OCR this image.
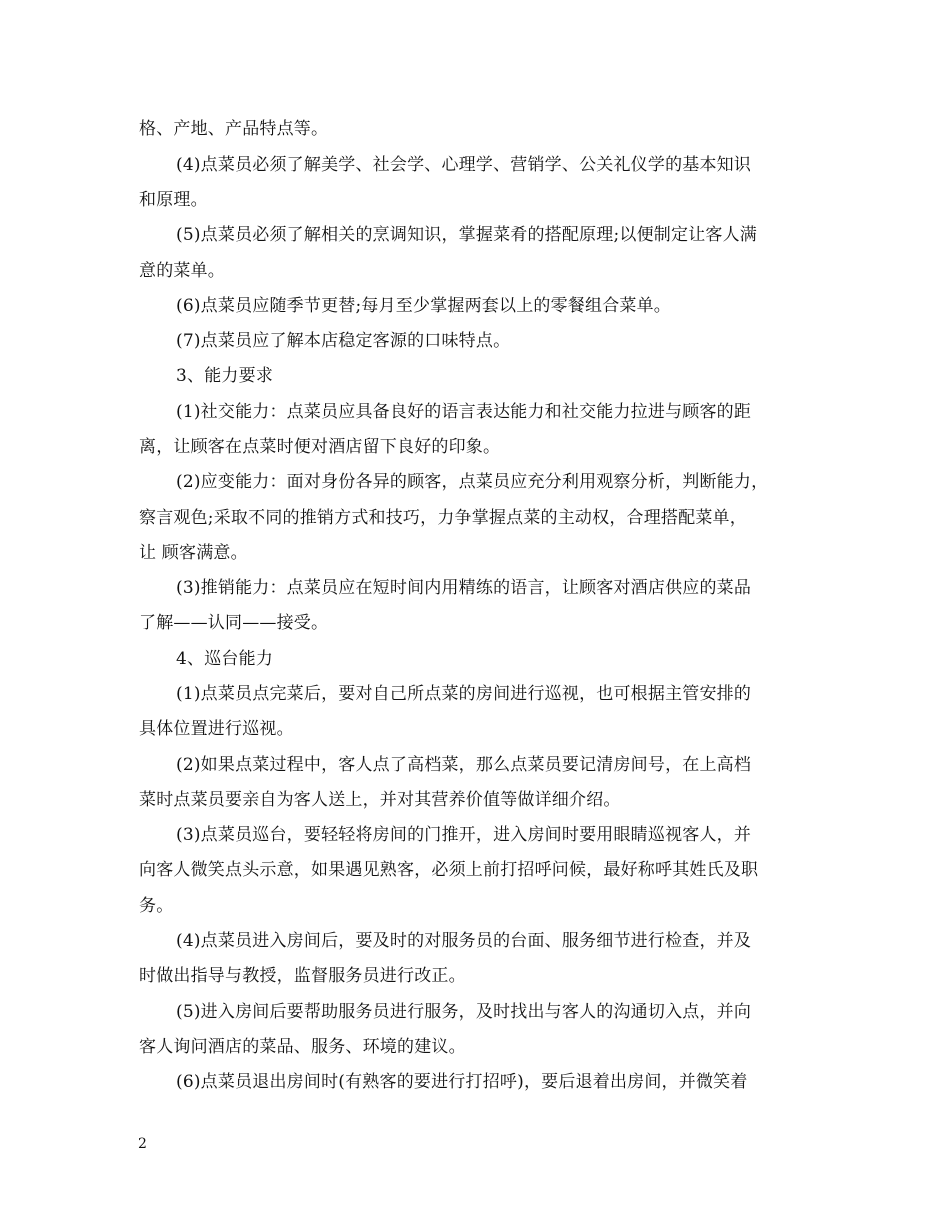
格、产地、产品特点等。
(4)点菜员必须了解美学、社会学、心理学、营销学、公关礼仪学的基本知识
和原理。
(5)点菜员必须了解相关的烹调知识，掌握菜肴的搭配原理;以便制定让客人满
意的菜单。
(6)点菜员应随季节更替;每月至少掌握两套以上的零餐组合菜单。
(7)点菜员应了解本店稳定客源的口味特点。
3、能力要求
(1)社交能力：点菜员应具备良好的语言表达能力和社交能力拉进与顾客的距
离，让顾客在点菜时便对酒店留下良好的印象。
(2)应变能力：面对身份各异的顾客，点菜员应充分利用观察分析，判断能力，
察言观色;采取不同的推销方式和技巧，力争掌握点菜的主动权，合理搭配菜单，
让 顾客满意。
(3)推销能力：点菜员应在短时间内用精练的语言，让顾客对酒店供应的菜品
了解——认同——接受。
4、巡台能力
(1)点菜员点完菜后，要对自己所点菜的房间进行巡视，也可根据主管安排的
具体位置进行巡视。
(2)如果点菜过程中，客人点了高档菜，那么点菜员要记清房间号，在上高档
菜时点菜员要亲自为客人送上，并对其营养价值等做详细介绍。
(3)点菜员巡台，要轻轻将房间的门推开，进入房间时要用眼睛巡视客人，并
向客人微笑点头示意，如果遇见熟客，必须上前打招呼问候，最好称呼其姓氏及职
务。
(4)点菜员进入房间后，要及时的对服务员的台面、服务细节进行检查，并及
时做出指导与教授，监督服务员进行改正。
(5)进入房间后要帮助服务员进行服务，及时找出与客人的沟通切入点，并向
客人询问酒店的菜品、服务、环境的建议。
(6)点菜员退出房间时(有熟客的要进行打招呼)，要后退着出房间，并微笑着
2
